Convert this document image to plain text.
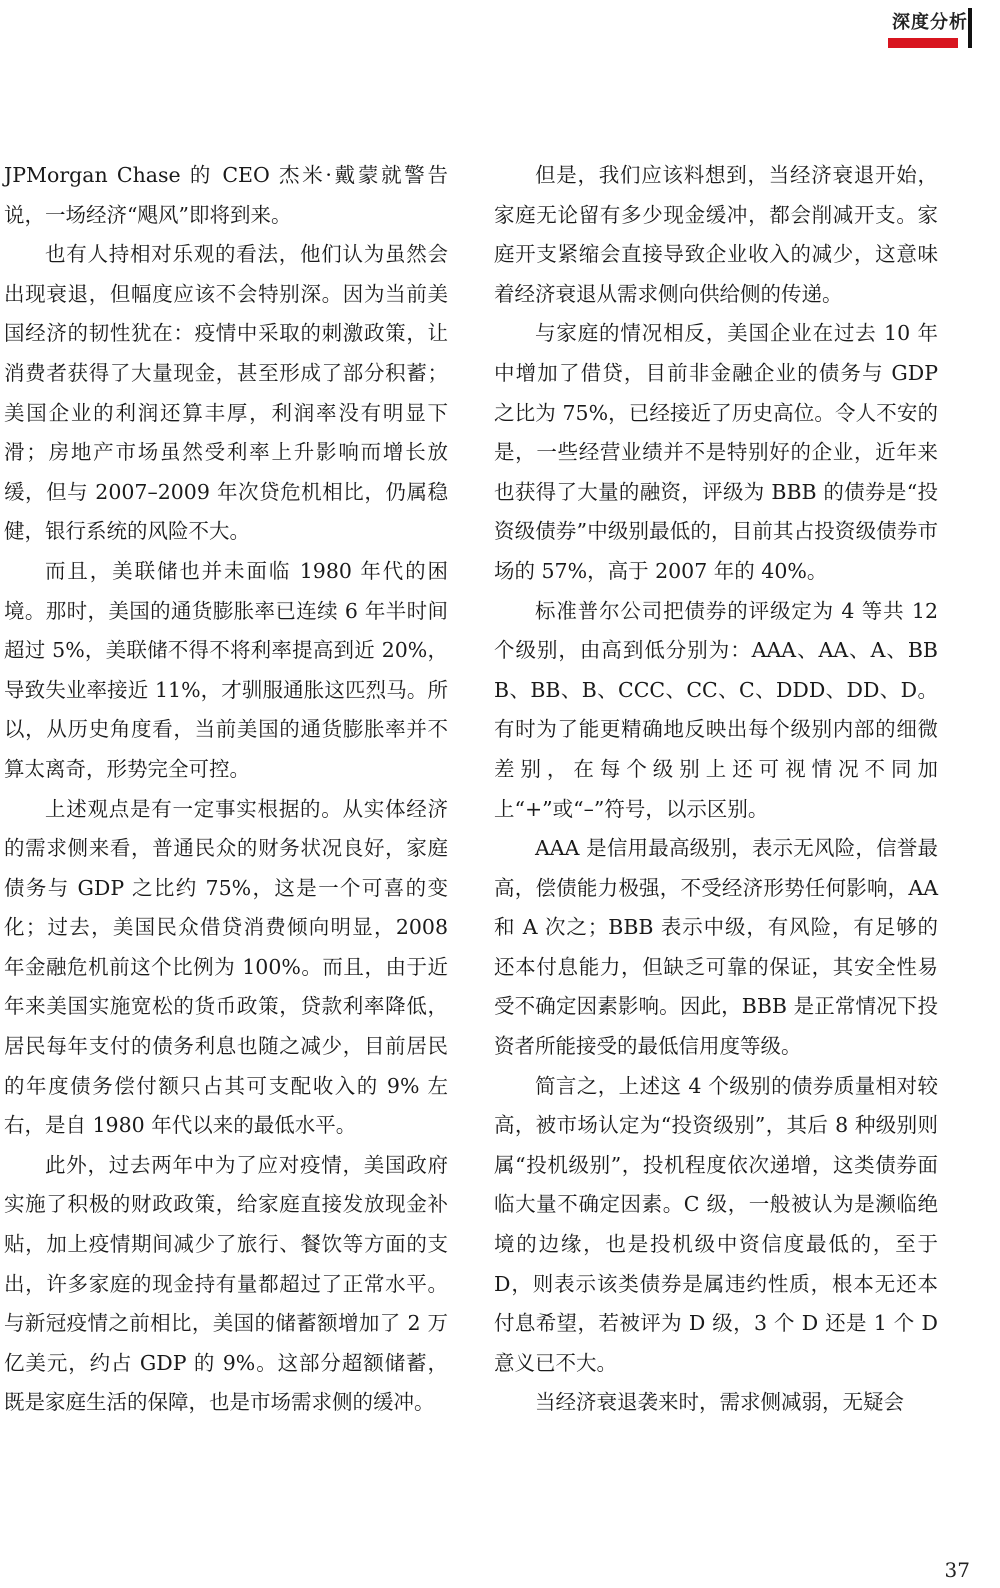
深度分析

JPMorgan Chase 的 CEO 杰米·戴蒙就警告说，一场经济“飓风”即将到来。

也有人持相对乐观的看法，他们认为虽然会出现衰退，但幅度应该不会特别深。因为当前美国经济的韧性犹在：疫情中采取的刺激政策，让消费者获得了大量现金，甚至形成了部分积蓄；美国企业的利润还算丰厚，利润率没有明显下滑；房地产市场虽然受利率上升影响而增长放缓，但与 2007–2009 年次贷危机相比，仍属稳健，银行系统的风险不大。

而且，美联储也并未面临 1980 年代的困境。那时，美国的通货膨胀率已连续 6 年半时间超过 5%，美联储不得不将利率提高到近 20%，导致失业率接近 11%，才驯服通胀这匹烈马。所以，从历史角度看，当前美国的通货膨胀率并不算太离奇，形势完全可控。

上述观点是有一定事实根据的。从实体经济的需求侧来看，普通民众的财务状况良好，家庭债务与 GDP 之比约 75%，这是一个可喜的变化；过去，美国民众借贷消费倾向明显，2008 年金融危机前这个比例为 100%。而且，由于近年来美国实施宽松的货币政策，贷款利率降低，居民每年支付的债务利息也随之减少，目前居民的年度债务偿付额只占其可支配收入的 9% 左右，是自 1980 年代以来的最低水平。

此外，过去两年中为了应对疫情，美国政府实施了积极的财政政策，给家庭直接发放现金补贴，加上疫情期间减少了旅行、餐饮等方面的支出，许多家庭的现金持有量都超过了正常水平。与新冠疫情之前相比，美国的储蓄额增加了 2 万亿美元，约占 GDP 的 9%。这部分超额储蓄，既是家庭生活的保障，也是市场需求侧的缓冲。

但是，我们应该料想到，当经济衰退开始，家庭无论留有多少现金缓冲，都会削减开支。家庭开支紧缩会直接导致企业收入的减少，这意味着经济衰退从需求侧向供给侧的传递。

与家庭的情况相反，美国企业在过去 10 年中增加了借贷，目前非金融企业的债务与 GDP 之比为 75%，已经接近了历史高位。令人不安的是，一些经营业绩并不是特别好的企业，近年来也获得了大量的融资，评级为 BBB 的债券是“投资级债券”中级别最低的，目前其占投资级债券市场的 57%，高于 2007 年的 40%。

标准普尔公司把债券的评级定为 4 等共 12 个级别，由高到低分别为：AAA、AA、A、BBB、BB、B、CCC、CC、C、DDD、DD、D。有时为了能更精确地反映出每个级别内部的细微差别，在每个级别上还可视情况不同加上“+”或“–”符号，以示区别。

AAA 是信用最高级别，表示无风险，信誉最高，偿债能力极强，不受经济形势任何影响，AA 和 A 次之；BBB 表示中级，有风险，有足够的还本付息能力，但缺乏可靠的保证，其安全性易受不确定因素影响。因此，BBB 是正常情况下投资者所能接受的最低信用度等级。

简言之，上述这 4 个级别的债券质量相对较高，被市场认定为“投资级别”，其后 8 种级别则属“投机级别”，投机程度依次递增，这类债券面临大量不确定因素。C 级，一般被认为是濒临绝境的边缘，也是投机级中资信度最低的，至于 D，则表示该类债券是属违约性质，根本无还本付息希望，若被评为 D 级，3 个 D 还是 1 个 D 意义已不大。

当经济衰退袭来时，需求侧减弱，无疑会

37
